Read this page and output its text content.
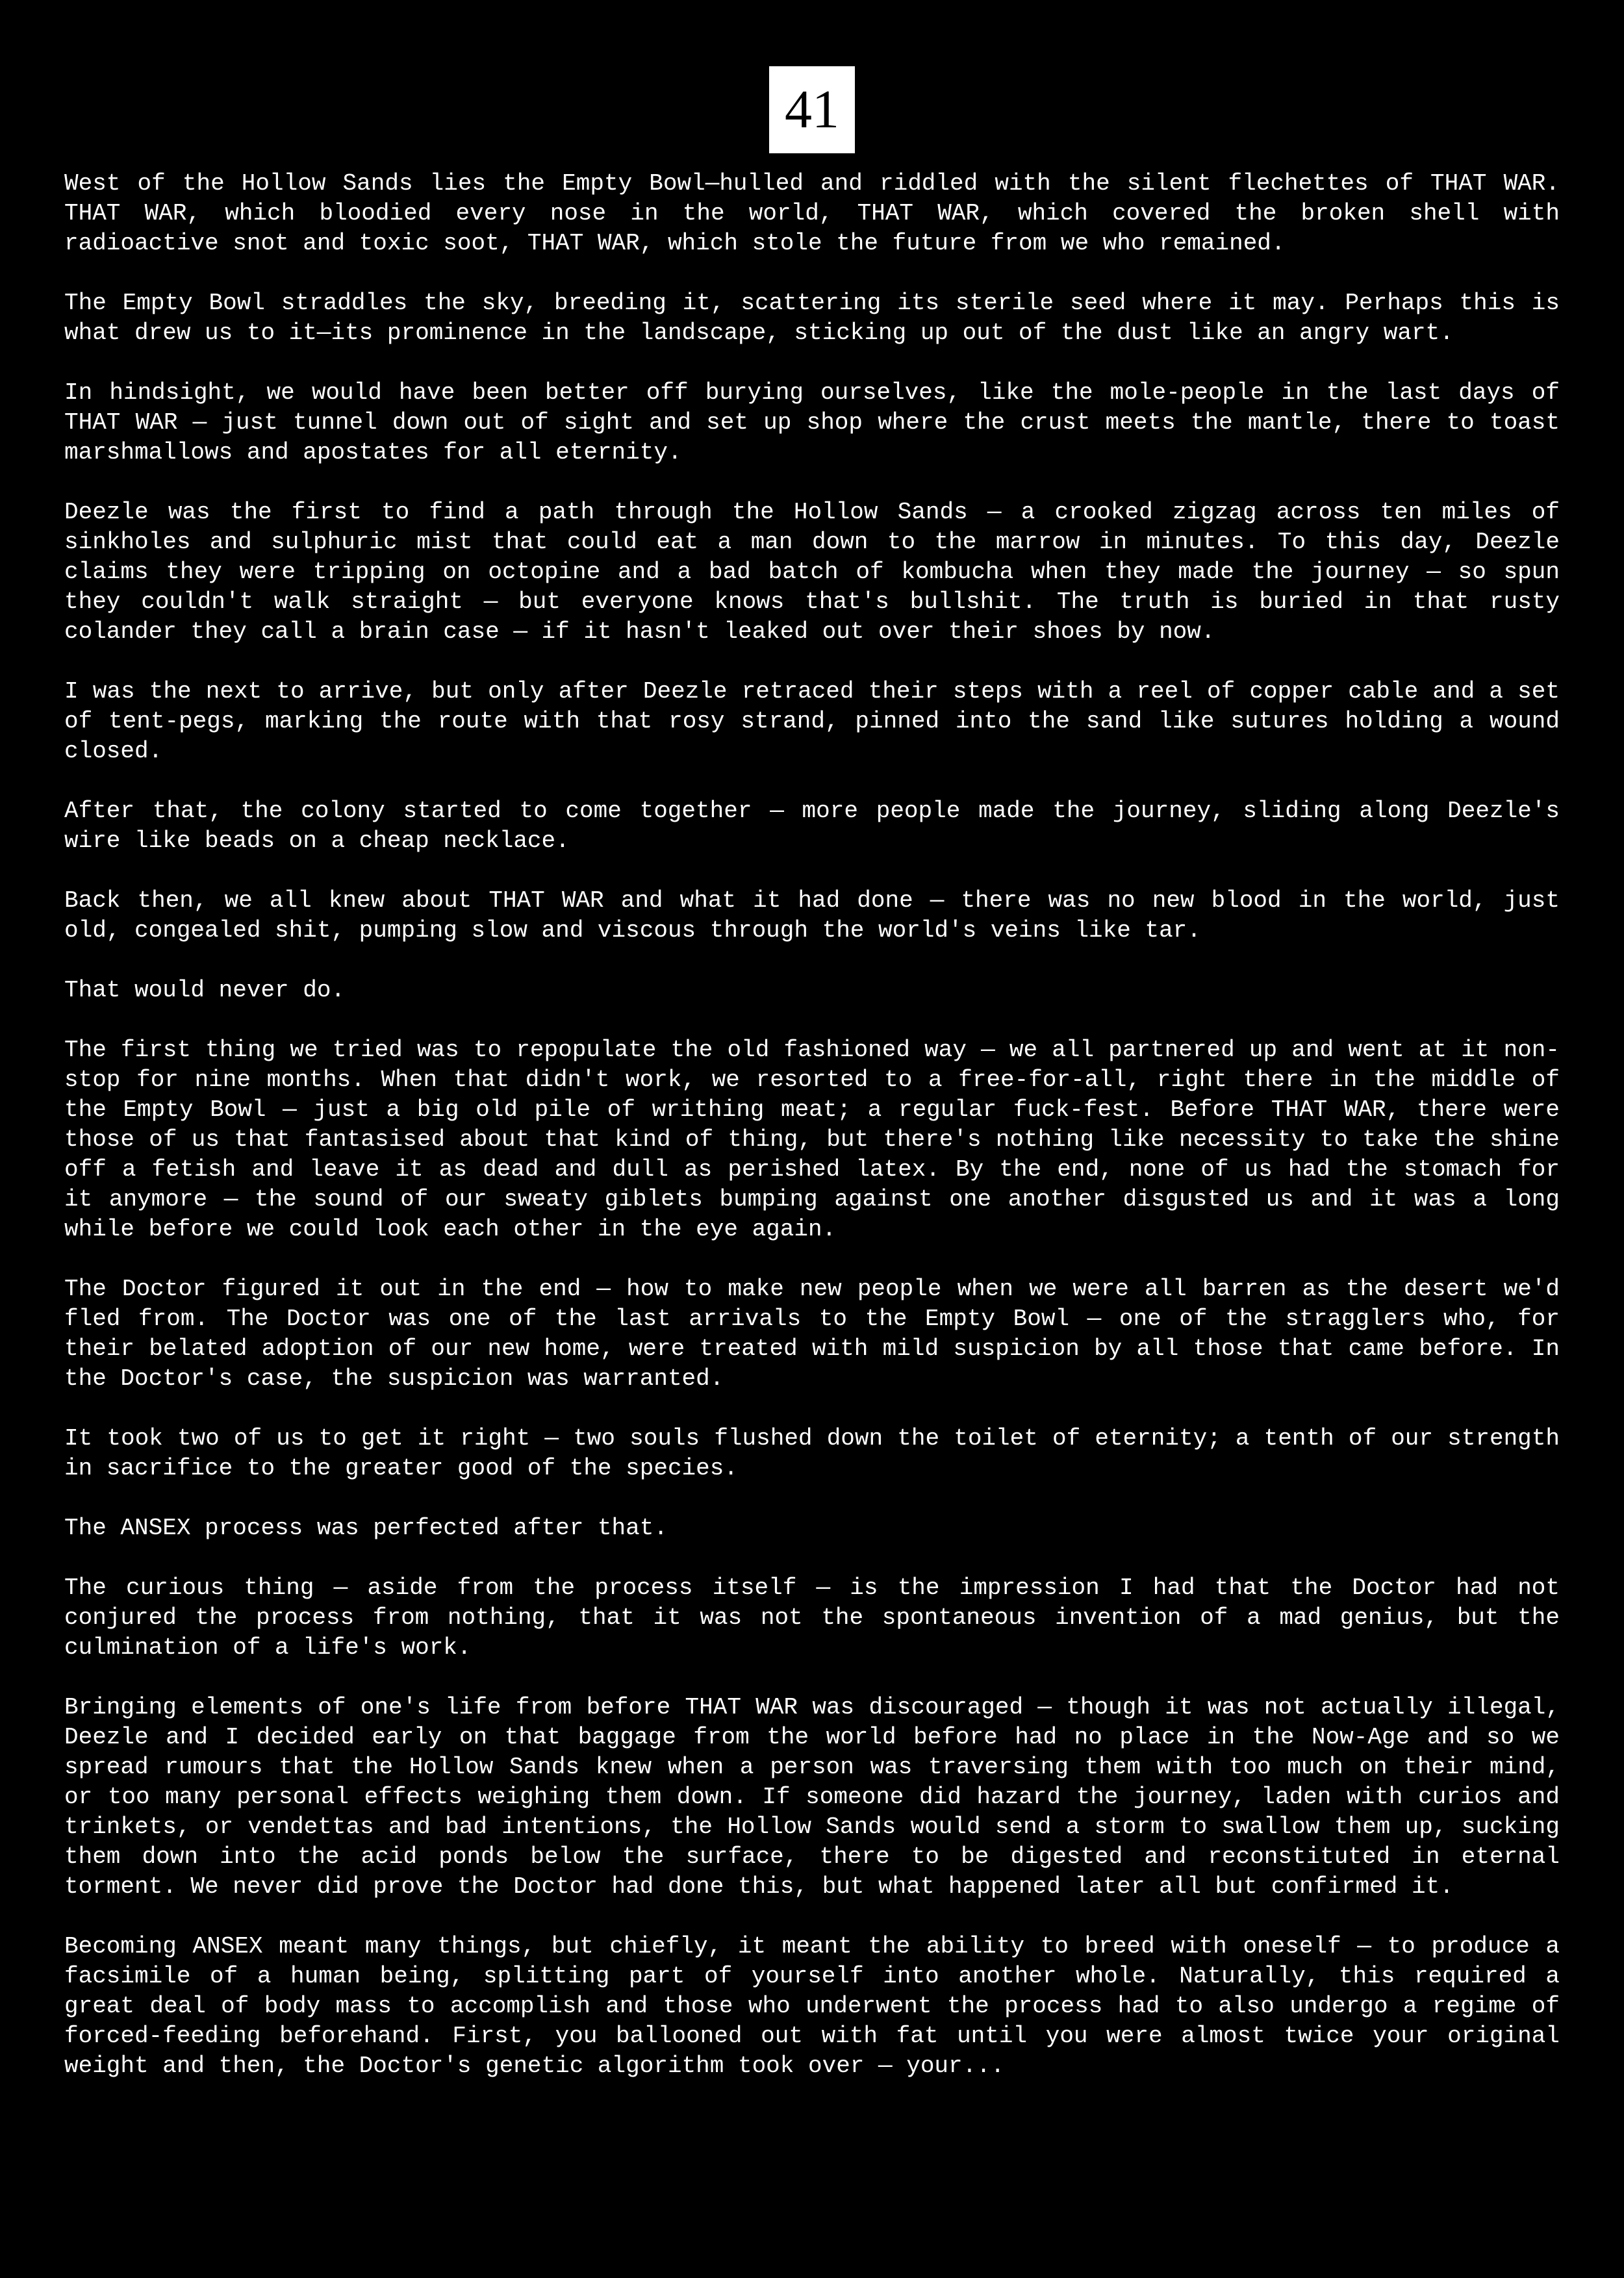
41

West of the Hollow Sands lies the Empty Bowl—hulled and riddled with the silent flechettes of THAT WAR. THAT WAR, which bloodied every nose in the world, THAT WAR, which covered the broken shell with radioactive snot and toxic soot, THAT WAR, which stole the future from we who remained.

The Empty Bowl straddles the sky, breeding it, scattering its sterile seed where it may. Perhaps this is what drew us to it—its prominence in the landscape, sticking up out of the dust like an angry wart.

In hindsight, we would have been better off burying ourselves, like the mole-people in the last days of THAT WAR — just tunnel down out of sight and set up shop where the crust meets the mantle, there to toast marshmallows and apostates for all eternity.

Deezle was the first to find a path through the Hollow Sands — a crooked zigzag across ten miles of sinkholes and sulphuric mist that could eat a man down to the marrow in minutes. To this day, Deezle claims they were tripping on octopine and a bad batch of kombucha when they made the journey — so spun they couldn't walk straight — but everyone knows that's bullshit. The truth is buried in that rusty colander they call a brain case — if it hasn't leaked out over their shoes by now.

I was the next to arrive, but only after Deezle retraced their steps with a reel of copper cable and a set of tent-pegs, marking the route with that rosy strand, pinned into the sand like sutures holding a wound closed.

After that, the colony started to come together — more people made the journey, sliding along Deezle's wire like beads on a cheap necklace.

Back then, we all knew about THAT WAR and what it had done — there was no new blood in the world, just old, congealed shit, pumping slow and viscous through the world's veins like tar.

That would never do.

The first thing we tried was to repopulate the old fashioned way — we all partnered up and went at it non-stop for nine months. When that didn't work, we resorted to a free-for-all, right there in the middle of the Empty Bowl — just a big old pile of writhing meat; a regular fuck-fest. Before THAT WAR, there were those of us that fantasised about that kind of thing, but there's nothing like necessity to take the shine off a fetish and leave it as dead and dull as perished latex. By the end, none of us had the stomach for it anymore — the sound of our sweaty giblets bumping against one another disgusted us and it was a long while before we could look each other in the eye again.

The Doctor figured it out in the end — how to make new people when we were all barren as the desert we'd fled from. The Doctor was one of the last arrivals to the Empty Bowl — one of the stragglers who, for their belated adoption of our new home, were treated with mild suspicion by all those that came before. In the Doctor's case, the suspicion was warranted.

It took two of us to get it right — two souls flushed down the toilet of eternity; a tenth of our strength in sacrifice to the greater good of the species.

The ANSEX process was perfected after that.

The curious thing — aside from the process itself — is the impression I had that the Doctor had not conjured the process from nothing, that it was not the spontaneous invention of a mad genius, but the culmination of a life's work.

Bringing elements of one's life from before THAT WAR was discouraged — though it was not actually illegal, Deezle and I decided early on that baggage from the world before had no place in the Now-Age and so we spread rumours that the Hollow Sands knew when a person was traversing them with too much on their mind, or too many personal effects weighing them down. If someone did hazard the journey, laden with curios and trinkets, or vendettas and bad intentions, the Hollow Sands would send a storm to swallow them up, sucking them down into the acid ponds below the surface, there to be digested and reconstituted in eternal torment. We never did prove the Doctor had done this, but what happened later all but confirmed it.

Becoming ANSEX meant many things, but chiefly, it meant the ability to breed with oneself — to produce a facsimile of a human being, splitting part of yourself into another whole. Naturally, this required a great deal of body mass to accomplish and those who underwent the process had to also undergo a regime of forced-feeding beforehand. First, you ballooned out with fat until you were almost twice your original weight and then, the Doctor's genetic algorithm took over — your...
